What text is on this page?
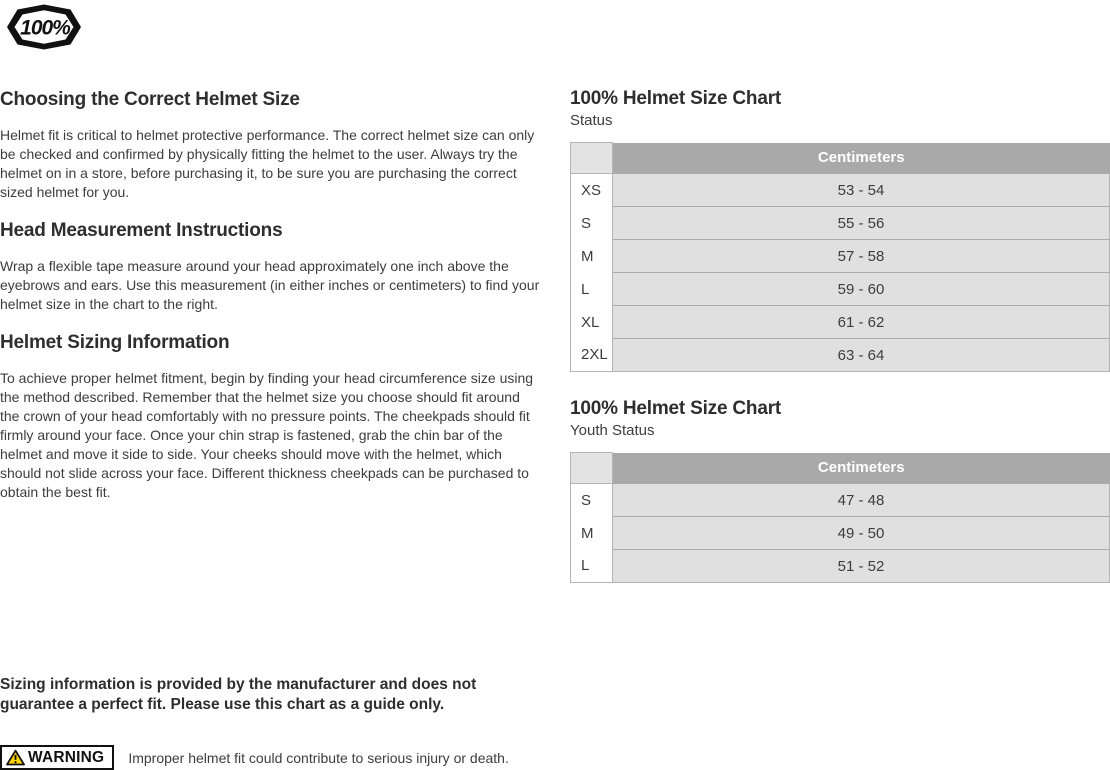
100%
Choosing the Correct Helmet Size

Helmet fit is critical to helmet protective performance. The correct helmet size can only be checked and confirmed by physically fitting the helmet to the user. Always try the helmet on in a store, before purchasing it, to be sure you are purchasing the correct sized helmet for you.

Head Measurement Instructions

Wrap a flexible tape measure around your head approximately one inch above the eyebrows and ears. Use this measurement (in either inches or centimeters) to find your helmet size in the chart to the right.

Helmet Sizing Information

To achieve proper helmet fitment, begin by finding your head circumference size using the method described. Remember that the helmet size you choose should fit around the crown of your head comfortably with no pressure points. The cheekpads should fit firmly around your face. Once your chin strap is fastened, grab the chin bar of the helmet and move it side to side. Your cheeks should move with the helmet, which should not slide across your face. Different thickness cheekpads can be purchased to obtain the best fit.

Sizing information is provided by the manufacturer and does not guarantee a perfect fit. Please use this chart as a guide only.
WARNING Improper helmet fit could contribute to serious injury or death.
100% Helmet Size Chart
Status
	Centimeters
XS	53 - 54
S	55 - 56
M	57 - 58
L	59 - 60
XL	61 - 62
2XL	63 - 64
100% Helmet Size Chart
Youth Status
	Centimeters
S	47 - 48
M	49 - 50
L	51 - 52
